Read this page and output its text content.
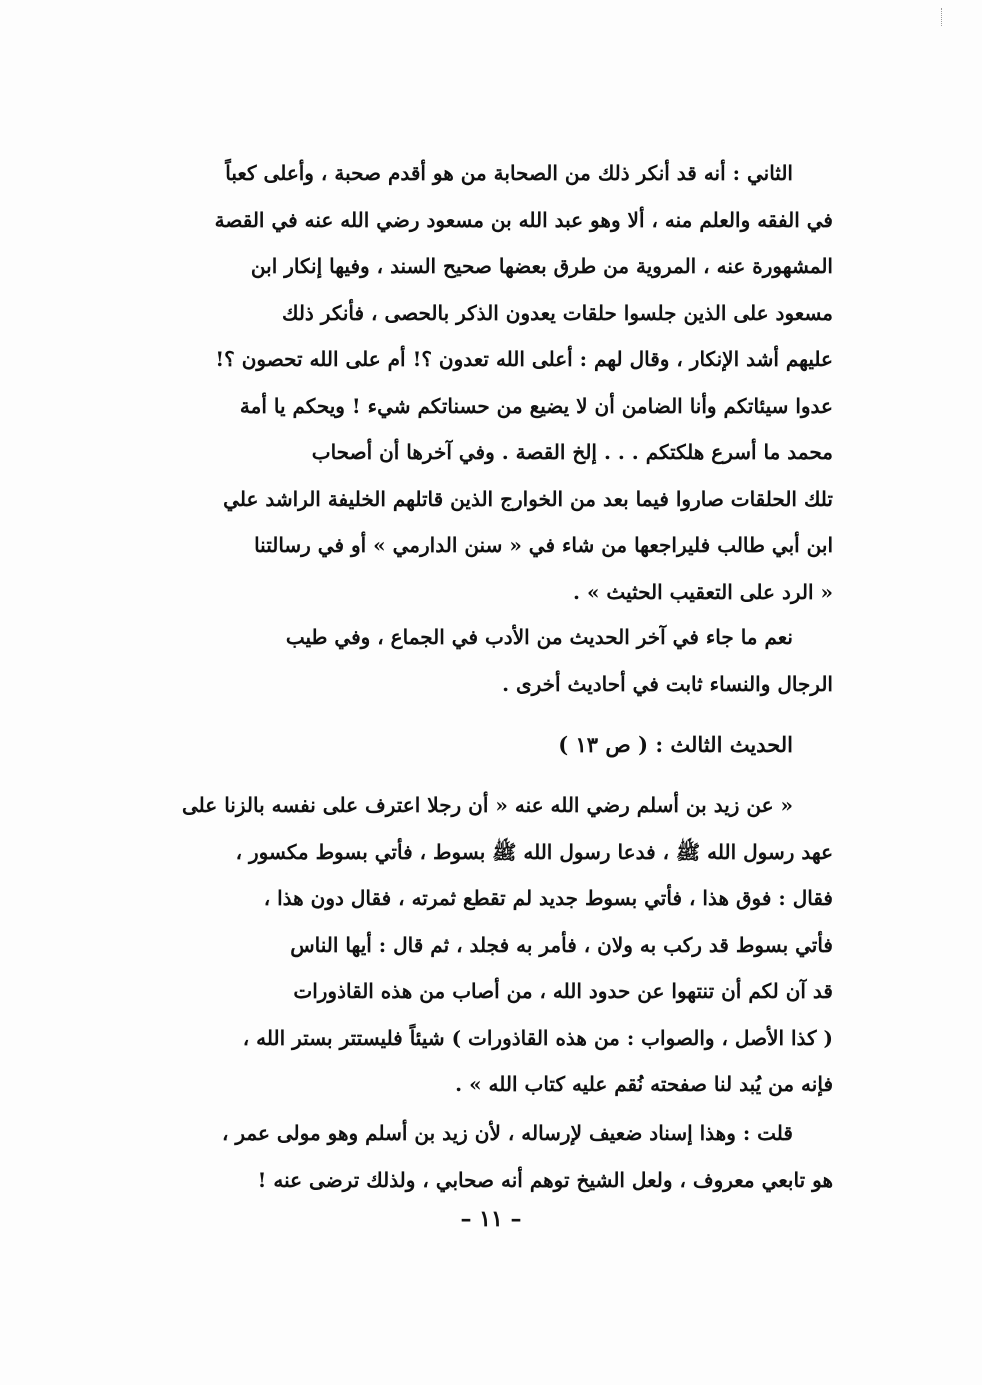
الثاني : أنه قد أنكر ذلك من الصحابة من هو أقدم صحبة ، وأعلى كعباً
في الفقه والعلم منه ، ألا وهو عبد الله بن مسعود رضي الله عنه في القصة
المشهورة عنه ، المروية من طرق بعضها صحيح السند ، وفيها إنكار ابن
مسعود على الذين جلسوا حلقات يعدون الذكر بالحصى ، فأنكر ذلك
عليهم أشد الإنكار ، وقال لهم : أعلى الله تعدون ؟! أم على الله تحصون ؟!
عدوا سيئاتكم وأنا الضامن أن لا يضيع من حسناتكم شيء ! ويحكم يا أمة
محمد ما أسرع هلكتكم . . . إلخ القصة . وفي آخرها أن أصحاب
تلك الحلقات صاروا فيما بعد من الخوارج الذين قاتلهم الخليفة الراشد علي
ابن أبي طالب فليراجعها من شاء في « سنن الدارمي » أو في رسالتنا
« الرد على التعقيب الحثيث » .

نعم ما جاء في آخر الحديث من الأدب في الجماع ، وفي طيب
الرجال والنساء ثابت في أحاديث أخرى .

الحديث الثالث : ( ص ١٣ )

« عن زيد بن أسلم رضي الله عنه « أن رجلا اعترف على نفسه بالزنا على
عهد رسول الله ﷺ ، فدعا رسول الله ﷺ بسوط ، فأتي بسوط مكسور ،
فقال : فوق هذا ، فأتي بسوط جديد لم تقطع ثمرته ، فقال دون هذا ،
فأتي بسوط قد ركب به ولان ، فأمر به فجلد ، ثم قال : أيها الناس
قد آن لكم أن تنتهوا عن حدود الله ، من أصاب من هذه القاذورات
( كذا الأصل ، والصواب : من هذه القاذورات ) شيئاً فليستتر بستر الله ،
فإنه من يُبد لنا صفحته نُقم عليه كتاب الله » .

قلت : وهذا إسناد ضعيف لإرساله ، لأن زيد بن أسلم وهو مولى عمر ،
هو تابعي معروف ، ولعل الشيخ توهم أنه صحابي ، ولذلك ترضى عنه !

– ١١ –
